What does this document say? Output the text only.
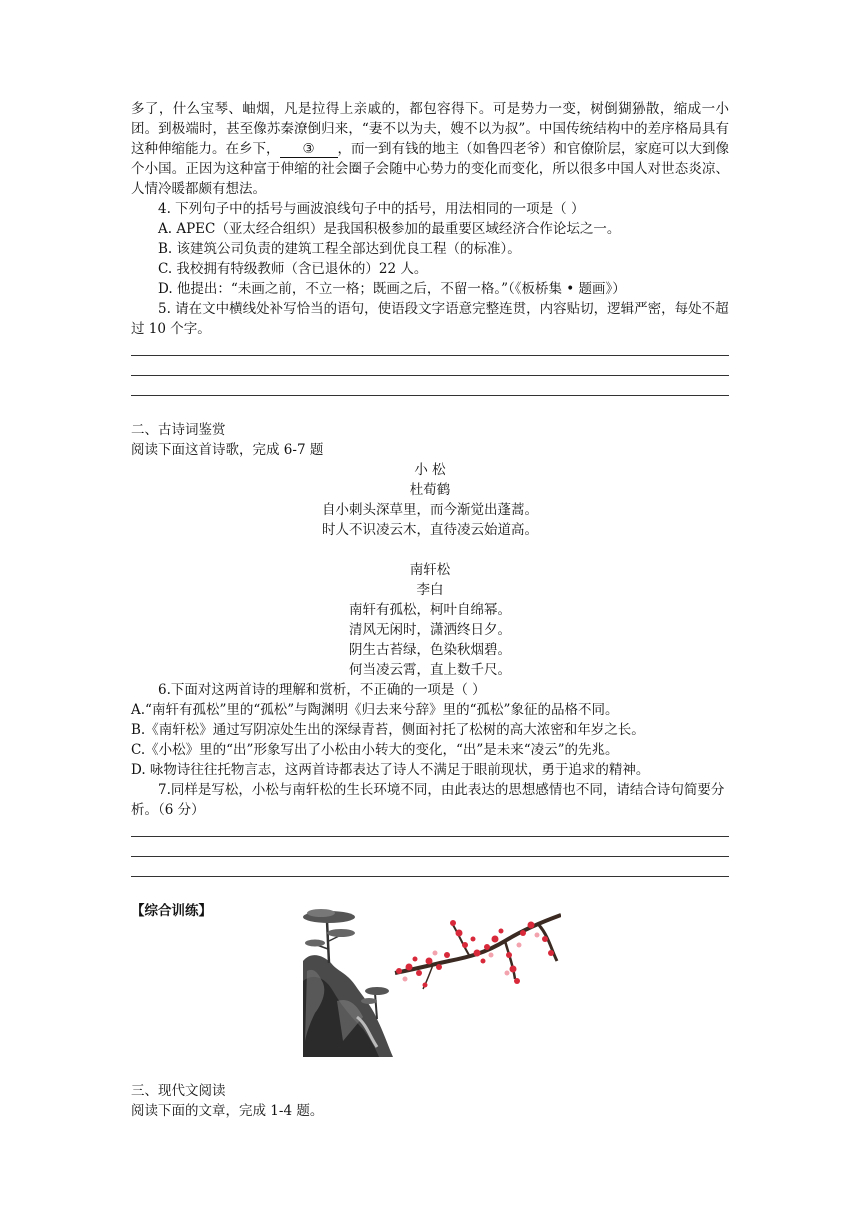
多了，什么宝琴、岫烟，凡是拉得上亲戚的，都包容得下。可是势力一变，树倒猢狲散，缩成一小团。到极端时，甚至像苏秦潦倒归来，“妻不以为夫，嫂不以为叔”。中国传统结构中的差序格局具有这种伸缩能力。在乡下， ③ ，而一到有钱的地主（如鲁四老爷）和官僚阶层，家庭可以大到像个小国。正因为这种富于伸缩的社会圈子会随中心势力的变化而变化，所以很多中国人对世态炎凉、人情冷暖都颇有想法。

4. 下列句子中的括号与画波浪线句子中的括号，用法相同的一项是（ ）

A. APEC（亚太经合组织）是我国积极参加的最重要区域经济合作论坛之一。

B. 该建筑公司负责的建筑工程全部达到优良工程（的标准）。

C. 我校拥有特级教师（含已退休的）22 人。

D. 他提出：“未画之前，不立一格；既画之后，不留一格。”（《板桥集 • 题画》）

5. 请在文中横线处补写恰当的语句，使语段文字语意完整连贯，内容贴切，逻辑严密，每处不超过 10 个字。

二、古诗词鉴赏

阅读下面这首诗歌，完成 6-7 题

小 松

杜荀鹤

自小刺头深草里，而今渐觉出蓬蒿。

时人不识凌云木，直待凌云始道高。

南轩松

李白

南轩有孤松，柯叶自绵幂。

清风无闲时，潇洒终日夕。

阴生古苔绿，色染秋烟碧。

何当凌云霄，直上数千尺。

6.下面对这两首诗的理解和赏析，不正确的一项是（ ）

A.“南轩有孤松”里的“孤松”与陶渊明《归去来兮辞》里的“孤松”象征的品格不同。

B.《南轩松》通过写阴凉处生出的深绿青苔，侧面衬托了松树的高大浓密和年岁之长。

C.《小松》里的“出”形象写出了小松由小转大的变化，“出”是未来“凌云”的先兆。

D. 咏物诗往往托物言志，这两首诗都表达了诗人不满足于眼前现状，勇于追求的精神。

7.同样是写松，小松与南轩松的生长环境不同，由此表达的思想感情也不同，请结合诗句简要分析。（6 分）

【综合训练】

三、现代文阅读

阅读下面的文章，完成 1-4 题。
